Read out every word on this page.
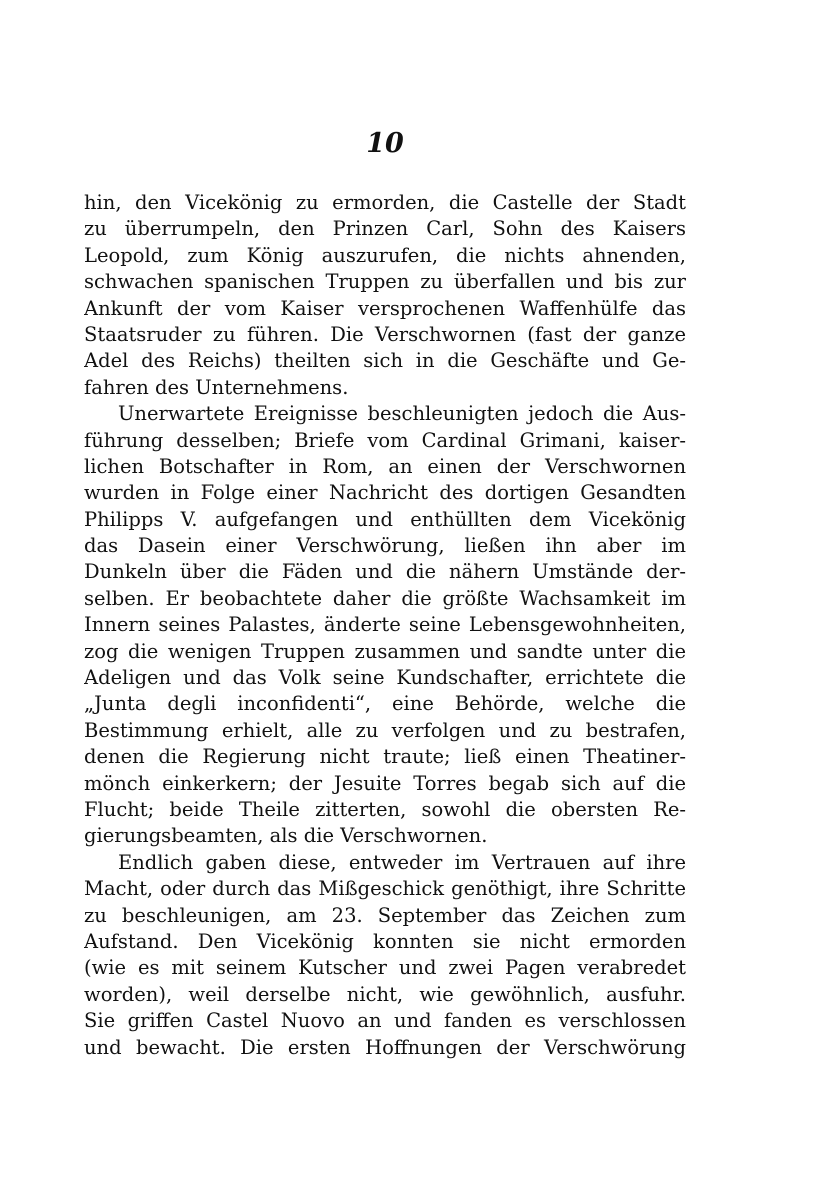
10
hin, den Vicekönig zu ermorden, die Castelle der Stadt
zu überrumpeln, den Prinzen Carl, Sohn des Kaisers
Leopold, zum König auszurufen, die nichts ahnenden,
schwachen spanischen Truppen zu überfallen und bis zur
Ankunft der vom Kaiser versprochenen Waffenhülfe das
Staatsruder zu führen. Die Verschwornen (fast der ganze
Adel des Reichs) theilten sich in die Geschäfte und Ge-
fahren des Unternehmens.
Unerwartete Ereignisse beschleunigten jedoch die Aus-
führung desselben; Briefe vom Cardinal Grimani, kaiser-
lichen Botschafter in Rom, an einen der Verschwornen
wurden in Folge einer Nachricht des dortigen Gesandten
Philipps V. aufgefangen und enthüllten dem Vicekönig
das Dasein einer Verschwörung, ließen ihn aber im
Dunkeln über die Fäden und die nähern Umstände der-
selben. Er beobachtete daher die größte Wachsamkeit im
Innern seines Palastes, änderte seine Lebensgewohnheiten,
zog die wenigen Truppen zusammen und sandte unter die
Adeligen und das Volk seine Kundschafter, errichtete die
„Junta degli inconfidenti“, eine Behörde, welche die
Bestimmung erhielt, alle zu verfolgen und zu bestrafen,
denen die Regierung nicht traute; ließ einen Theatiner-
mönch einkerkern; der Jesuite Torres begab sich auf die
Flucht; beide Theile zitterten, sowohl die obersten Re-
gierungsbeamten, als die Verschwornen.
Endlich gaben diese, entweder im Vertrauen auf ihre
Macht, oder durch das Mißgeschick genöthigt, ihre Schritte
zu beschleunigen, am 23. September das Zeichen zum
Aufstand. Den Vicekönig konnten sie nicht ermorden
(wie es mit seinem Kutscher und zwei Pagen verabredet
worden), weil derselbe nicht, wie gewöhnlich, ausfuhr.
Sie griffen Castel Nuovo an und fanden es verschlossen
und bewacht. Die ersten Hoffnungen der Verschwörung
